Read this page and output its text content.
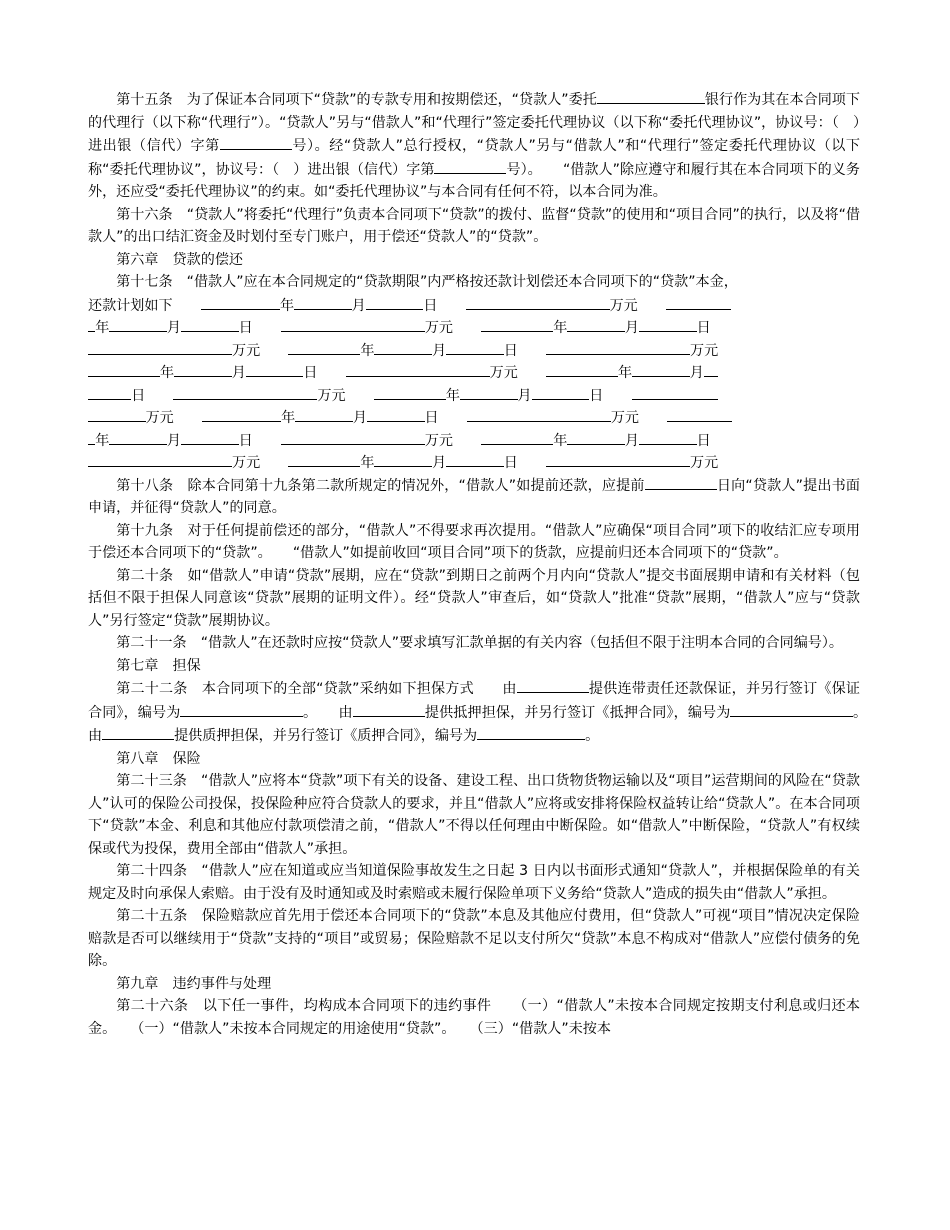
第十五条　为了保证本合同项下“贷款”的专款专用和按期偿还，“贷款人”委托	银行作为其在本合同项下的代理行（以下称“代理行”）。“贷款人”另与“借款人”和“代理行”签定委托代理协议（以下称“委托代理协议”，协议号：（　）进出银（信代）字第	号）。经“贷款人”总行授权，“贷款人”另与“借款人”和“代理行”签定委托代理协议（以下称“委托代理协议”，协议号：（　）进出银（信代）字第	号）。　　“借款人”除应遵守和履行其在本合同项下的义务外，还应受“委托代理协议”的约束。如“委托代理协议”与本合同有任何不符，以本合同为准。

第十六条　“贷款人”将委托“代理行”负责本合同项下“贷款”的拨付、监督“贷款”的使用和“项目合同”的执行，以及将“借款人”的出口结汇资金及时划付至专门账户，用于偿还“贷款人”的“贷款”。

第六章　贷款的偿还

第十七条　“借款人”应在本合同规定的“贷款期限”内严格按还款计划偿还本合同项下的“贷款”本金，

还款计划如下　　	年	月	日　　	万元　　
年	月	日　　	万元　　	年	月	日
万元　　	年	月	日　　	万元
年	月	日　　	万元　　	年	月
日　　	万元　　	年	月	日　　
万元　　	年	月	日　　	万元　　
年	月	日　　	万元　　	年	月	日
万元　　	年	月	日　　	万元

第十八条　除本合同第十九条第二款所规定的情况外，“借款人”如提前还款，应提前	日向“贷款人”提出书面申请，并征得“贷款人”的同意。

第十九条　对于任何提前偿还的部分，“借款人”不得要求再次提用。“借款人”应确保“项目合同”项下的收结汇应专项用于偿还本合同项下的“贷款”。　　“借款人”如提前收回“项目合同”项下的货款，应提前归还本合同项下的“贷款”。

第二十条　如“借款人”申请“贷款”展期，应在“贷款”到期日之前两个月内向“贷款人”提交书面展期申请和有关材料（包括但不限于担保人同意该“贷款”展期的证明文件）。经“贷款人”审查后，如“贷款人”批准“贷款”展期，“借款人”应与“贷款人”另行签定“贷款”展期协议。

第二十一条　“借款人”在还款时应按“贷款人”要求填写汇款单据的有关内容（包括但不限于注明本合同的合同编号）。

第七章　担保

第二十二条　本合同项下的全部“贷款”采纳如下担保方式　　由	提供连带责任还款保证，并另行签订《保证合同》，编号为	。　　由	提供抵押担保，并另行签订《抵押合同》，编号为	。　　由	提供质押担保，并另行签订《质押合同》，编号为	。

第八章　保险

第二十三条　“借款人”应将本“贷款”项下有关的设备、建设工程、出口货物货物运输以及“项目”运营期间的风险在“贷款人”认可的保险公司投保，投保险种应符合贷款人的要求，并且“借款人”应将或安排将保险权益转让给“贷款人”。在本合同项下“贷款”本金、利息和其他应付款项偿清之前，“借款人”不得以任何理由中断保险。如“借款人”中断保险，“贷款人”有权续保或代为投保，费用全部由“借款人”承担。

第二十四条　“借款人”应在知道或应当知道保险事故发生之日起 3 日内以书面形式通知“贷款人”，并根据保险单的有关规定及时向承保人索赔。由于没有及时通知或及时索赔或未履行保险单项下义务给“贷款人”造成的损失由“借款人”承担。

第二十五条　保险赔款应首先用于偿还本合同项下的“贷款”本息及其他应付费用，但“贷款人”可视“项目”情况决定保险赔款是否可以继续用于“贷款”支持的“项目”或贸易；保险赔款不足以支付所欠“贷款”本息不构成对“借款人”应偿付债务的免除。

第九章　违约事件与处理

第二十六条　以下任一事件，均构成本合同项下的违约事件　　（一）“借款人”未按本合同规定按期支付利息或归还本金。　　（一）“借款人”未按本合同规定的用途使用“贷款”。　　（三）“借款人”未按本
